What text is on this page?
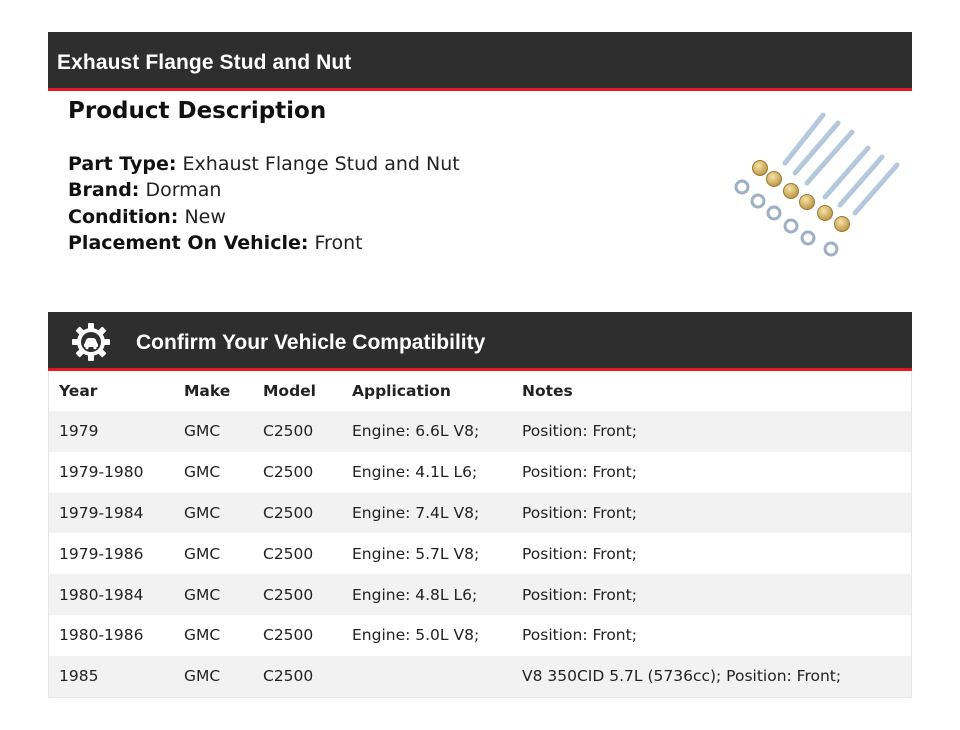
Exhaust Flange Stud and Nut
Product Description
Part Type: Exhaust Flange Stud and Nut
Brand: Dorman
Condition: New
Placement On Vehicle: Front
Confirm Your Vehicle Compatibility
Year	Make	Model	Application	Notes
1979	GMC	C2500	Engine: 6.6L V8;	Position: Front;
1979-1980	GMC	C2500	Engine: 4.1L L6;	Position: Front;
1979-1984	GMC	C2500	Engine: 7.4L V8;	Position: Front;
1979-1986	GMC	C2500	Engine: 5.7L V8;	Position: Front;
1980-1984	GMC	C2500	Engine: 4.8L L6;	Position: Front;
1980-1986	GMC	C2500	Engine: 5.0L V8;	Position: Front;
1985	GMC	C2500		V8 350CID 5.7L (5736cc); Position: Front;
